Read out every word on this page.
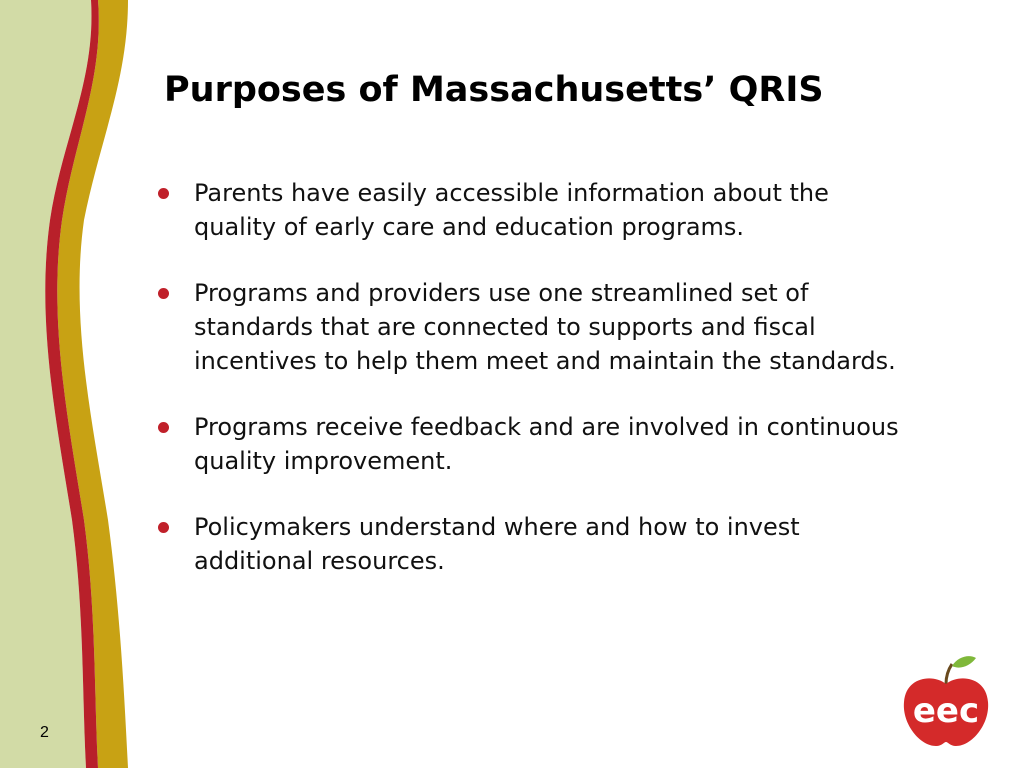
Purposes of Massachusetts’ QRIS
Parents have easily accessible information about the quality of early care and education programs.
Programs and providers use one streamlined set of standards that are connected to supports and fiscal incentives to help them meet and maintain the standards.
Programs receive feedback and are involved in continuous quality improvement.
Policymakers understand where and how to invest additional resources.
2
eec
